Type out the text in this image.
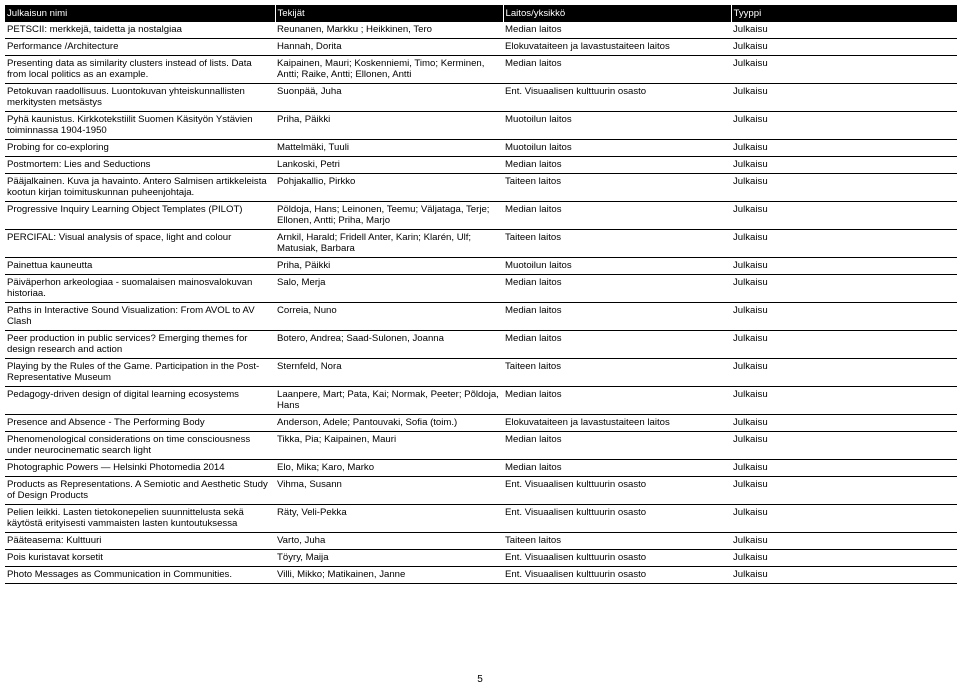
Julkaisun nimi	Tekijät	Laitos/yksikkö	Tyyppi
PETSCII: merkkejä, taidetta ja nostalgiaa	Reunanen, Markku ; Heikkinen, Tero	Median laitos	Julkaisu
Performance /Architecture	Hannah, Dorita	Elokuvataiteen ja lavastustaiteen laitos	Julkaisu
Presenting data as similarity clusters instead of lists. Data from local politics as an example.	Kaipainen, Mauri; Koskenniemi, Timo; Kerminen, Antti; Raike, Antti; Ellonen, Antti	Median laitos	Julkaisu
Petokuvan raadollisuus. Luontokuvan yhteiskunnallisten merkitysten metsästys	Suonpää, Juha	Ent. Visuaalisen kulttuurin osasto	Julkaisu
Pyhä kaunistus. Kirkkotekstiilit Suomen Käsityön Ystävien toiminnassa 1904-1950	Priha, Päikki	Muotoilun laitos	Julkaisu
Probing for co-exploring	Mattelmäki, Tuuli	Muotoilun laitos	Julkaisu
Postmortem: Lies and Seductions	Lankoski, Petri	Median laitos	Julkaisu
Pääjalkainen. Kuva ja havainto. Antero Salmisen artikkeleista kootun kirjan toimituskunnan puheenjohtaja.	Pohjakallio, Pirkko	Taiteen laitos	Julkaisu
Progressive Inquiry Learning Object Templates (PILOT)	Pöldoja, Hans; Leinonen, Teemu; Väljataga, Terje; Ellonen, Antti; Priha, Marjo	Median laitos	Julkaisu
PERCIFAL: Visual analysis of space, light and colour	Arnkil, Harald; Fridell Anter, Karin; Klarén, Ulf; Matusiak, Barbara	Taiteen laitos	Julkaisu
Painettua kauneutta	Priha, Päikki	Muotoilun laitos	Julkaisu
Päiväperhon arkeologiaa - suomalaisen mainosvalokuvan historiaa.	Salo, Merja	Median laitos	Julkaisu
Paths in Interactive Sound Visualization: From AVOL to AV Clash	Correia, Nuno	Median laitos	Julkaisu
Peer production in public services? Emerging themes for design research and action	Botero, Andrea; Saad-Sulonen, Joanna	Median laitos	Julkaisu
Playing by the Rules of the Game. Participation in the Post-Representative Museum	Sternfeld, Nora	Taiteen laitos	Julkaisu
Pedagogy-driven design of digital learning ecosystems	Laanpere, Mart; Pata, Kai; Normak, Peeter; Põldoja, Hans	Median laitos	Julkaisu
Presence and Absence - The Performing Body	Anderson, Adele; Pantouvaki, Sofia (toim.)	Elokuvataiteen ja lavastustaiteen laitos	Julkaisu
Phenomenological considerations on time consciousness under neurocinematic search light	Tikka, Pia; Kaipainen, Mauri	Median laitos	Julkaisu
Photographic Powers — Helsinki Photomedia 2014	Elo, Mika; Karo, Marko	Median laitos	Julkaisu
Products as Representations. A Semiotic and Aesthetic Study of Design Products	Vihma, Susann	Ent. Visuaalisen kulttuurin osasto	Julkaisu
Pelien leikki. Lasten tietokonepelien suunnittelusta sekä käytöstä erityisesti vammaisten lasten kuntoutuksessa	Räty, Veli-Pekka	Ent. Visuaalisen kulttuurin osasto	Julkaisu
Pääteasema: Kulttuuri	Varto, Juha	Taiteen laitos	Julkaisu
Pois kuristavat korsetit	Töyry, Maija	Ent. Visuaalisen kulttuurin osasto	Julkaisu
Photo Messages as Communication in Communities.	Villi, Mikko; Matikainen, Janne	Ent. Visuaalisen kulttuurin osasto	Julkaisu
5
